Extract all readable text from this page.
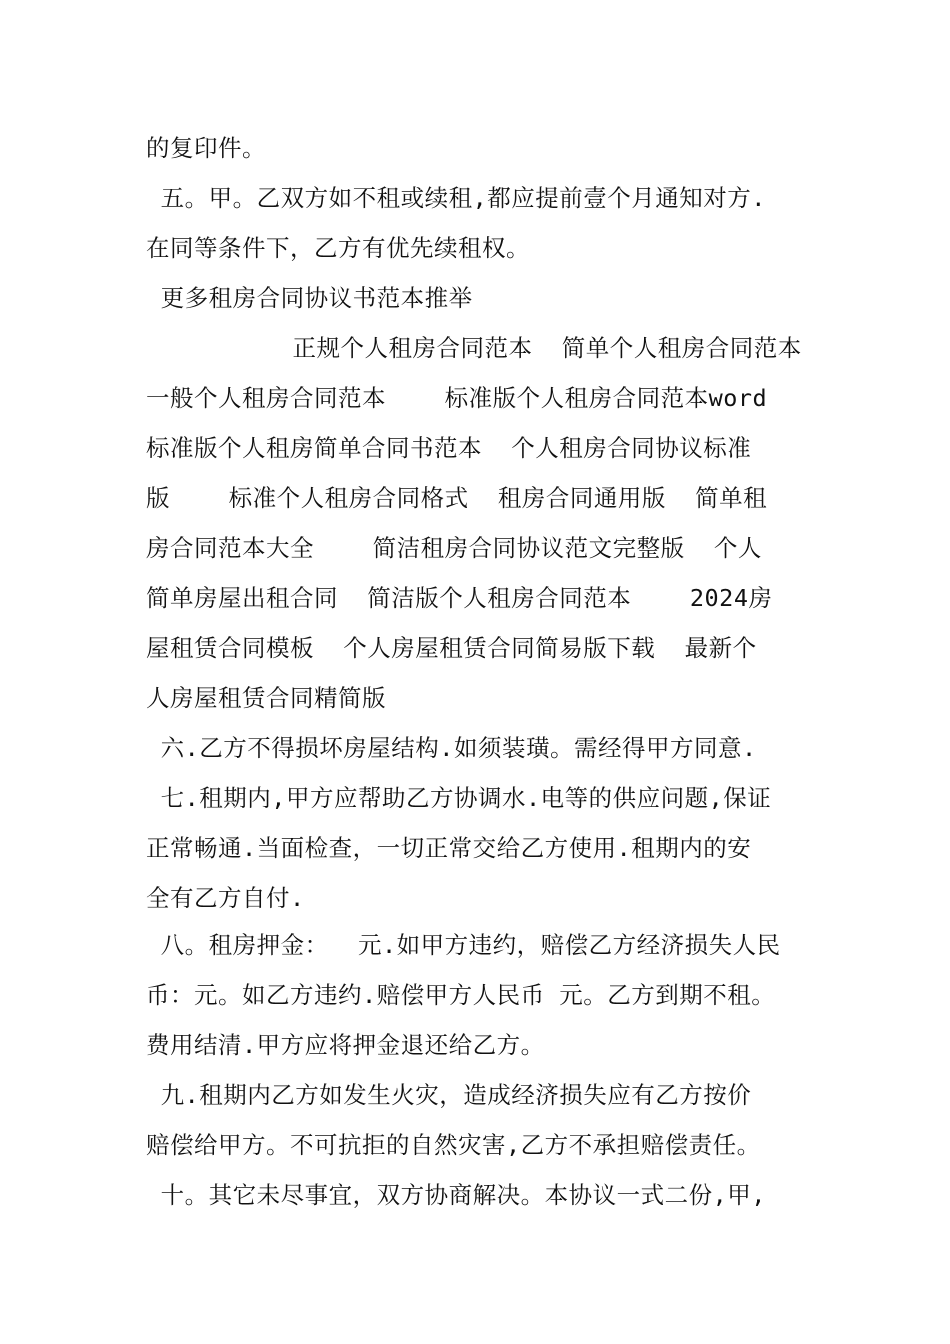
的复印件。
五。甲。乙双方如不租或续租,都应提前壹个月通知对方.
在同等条件下，乙方有优先续租权。
更多租房合同协议书范本推举
正规个人租房合同范本  简单个人租房合同范本
一般个人租房合同范本    标准版个人租房合同范本word
标准版个人租房简单合同书范本  个人租房合同协议标准
版    标准个人租房合同格式  租房合同通用版  简单租
房合同范本大全    简洁租房合同协议范文完整版  个人
简单房屋出租合同  简洁版个人租房合同范本    2024房
屋租赁合同模板  个人房屋租赁合同简易版下载  最新个
人房屋租赁合同精简版
六.乙方不得损坏房屋结构.如须装璜。需经得甲方同意.
七.租期内,甲方应帮助乙方协调水.电等的供应问题,保证
正常畅通.当面检查，一切正常交给乙方使用.租期内的安
全有乙方自付.
八。租房押金：  元.如甲方违约，赔偿乙方经济损失人民
币：元。如乙方违约.赔偿甲方人民币 元。乙方到期不租。
费用结清.甲方应将押金退还给乙方。
九.租期内乙方如发生火灾，造成经济损失应有乙方按价
赔偿给甲方。不可抗拒的自然灾害,乙方不承担赔偿责任。
十。其它未尽事宜，双方协商解决。本协议一式二份,甲,
